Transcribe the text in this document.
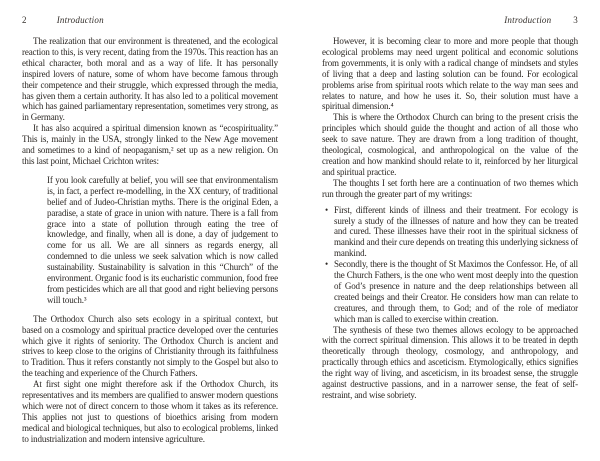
2	Introduction

The realization that our environment is threatened, and the ecological reaction to this, is very recent, dating from the 1970s. This reaction has an ethical character, both moral and as a way of life. It has personally inspired lovers of nature, some of whom have become famous through their competence and their struggle, which expressed through the media, has given them a certain authority. It has also led to a political movement which has gained parliamentary representation, sometimes very strong, as in Germany.

It has also acquired a spiritual dimension known as “ecospirituality.” This is, mainly in the USA, strongly linked to the New Age movement and sometimes to a kind of neopaganism,² set up as a new religion. On this last point, Michael Crichton writes:

If you look carefully at belief, you will see that environmentalism is, in fact, a perfect re-modelling, in the XX century, of traditional belief and of Judeo-Christian myths. There is the original Eden, a paradise, a state of grace in union with nature. There is a fall from grace into a state of pollution through eating the tree of knowledge, and finally, when all is done, a day of judgement to come for us all. We are all sinners as regards energy, all condemned to die unless we seek salvation which is now called sustainability. Sustainability is salvation in this “Church” of the environment. Organic food is its eucharistic communion, food free from pesticides which are all that good and right believing persons will touch.³

The Orthodox Church also sets ecology in a spiritual context, but based on a cosmology and spiritual practice developed over the centuries which give it rights of seniority. The Orthodox Church is ancient and strives to keep close to the origins of Christianity through its faithfulness to Tradition. Thus it refers constantly not simply to the Gospel but also to the teaching and experience of the Church Fathers.

At first sight one might therefore ask if the Orthodox Church, its representatives and its members are qualified to answer modern questions which were not of direct concern to those whom it takes as its reference. This applies not just to questions of bioethics arising from modern medical and biological techniques, but also to ecological problems, linked to industrialization and modern intensive agriculture.

Introduction 3

However, it is becoming clear to more and more people that though ecological problems may need urgent political and economic solutions from governments, it is only with a radical change of mindsets and styles of living that a deep and lasting solution can be found. For ecological problems arise from spiritual roots which relate to the way man sees and relates to nature, and how he uses it. So, their solution must have a spiritual dimension.⁴

This is where the Orthodox Church can bring to the present crisis the principles which should guide the thought and action of all those who seek to save nature. They are drawn from a long tradition of thought, theological, cosmological, and anthropological on the value of the creation and how mankind should relate to it, reinforced by her liturgical and spiritual practice.

The thoughts I set forth here are a continuation of two themes which run through the greater part of my writings:

• First, different kinds of illness and their treatment. For ecology is surely a study of the illnesses of nature and how they can be treated and cured. These illnesses have their root in the spiritual sickness of mankind and their cure depends on treating this underlying sickness of mankind.
• Secondly, there is the thought of St Maximos the Confessor. He, of all the Church Fathers, is the one who went most deeply into the question of God’s presence in nature and the deep relationships between all created beings and their Creator. He considers how man can relate to creatures, and through them, to God; and of the role of mediator which man is called to exercise within creation.

The synthesis of these two themes allows ecology to be approached with the correct spiritual dimension. This allows it to be treated in depth theoretically through theology, cosmology, and anthropology, and practically through ethics and asceticism. Etymologically, ethics signifies the right way of living, and asceticism, in its broadest sense, the struggle against destructive passions, and in a narrower sense, the feat of self-restraint, and wise sobriety.
